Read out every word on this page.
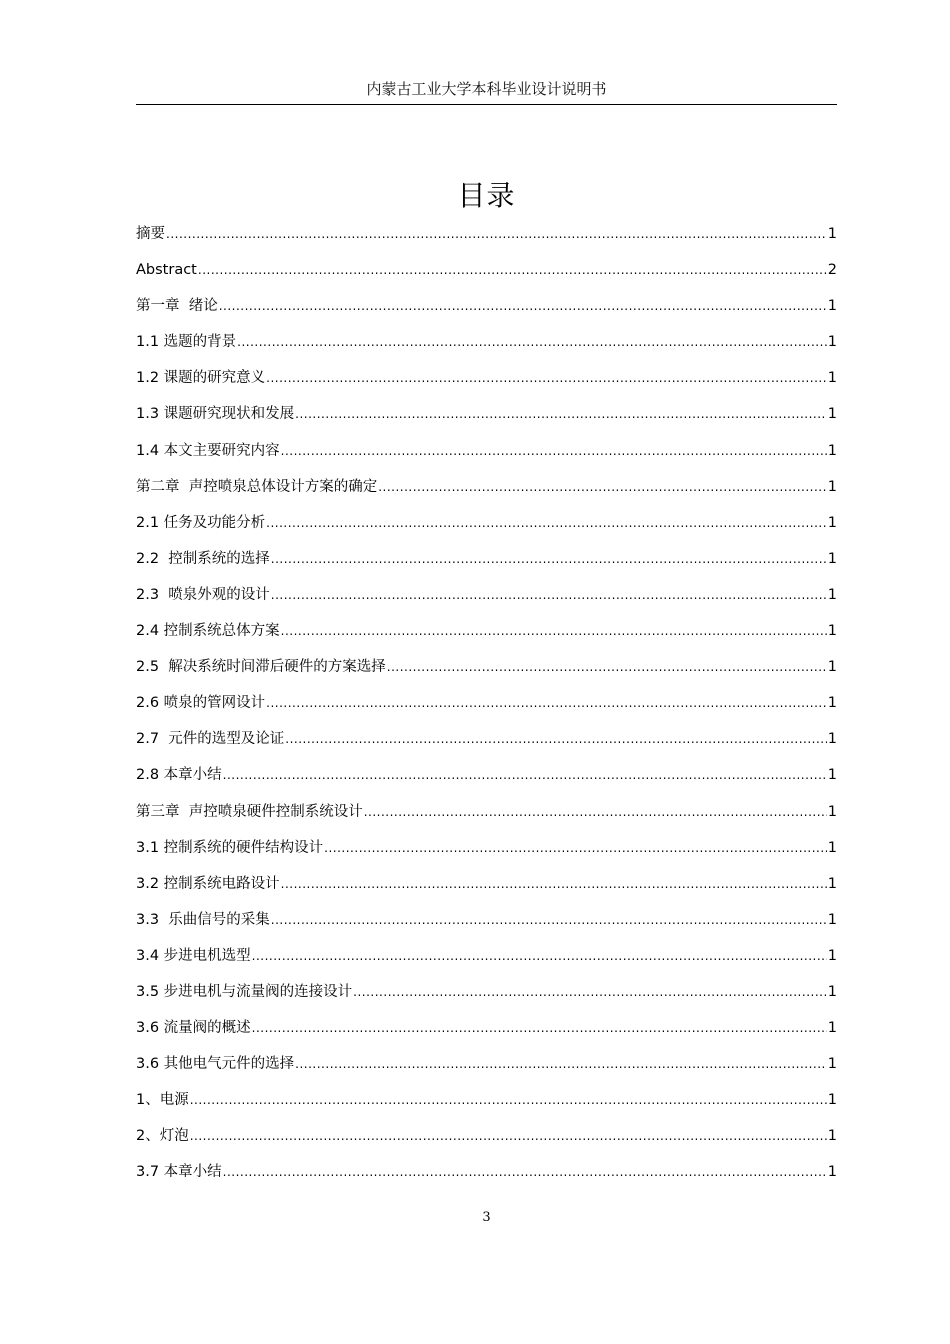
内蒙古工业大学本科毕业设计说明书
目录
摘要 .....	1
Abstract .....	2
第一章  绪论 .....	1
1.1 选题的背景 .....	1
1.2 课题的研究意义 .....	1
1.3 课题研究现状和发展 .....	1
1.4 本文主要研究内容 .....	1
第二章  声控喷泉总体设计方案的确定 .....	1
2.1 任务及功能分析 .....	1
2.2  控制系统的选择 .....	1
2.3  喷泉外观的设计 .....	1
2.4 控制系统总体方案 .....	1
2.5  解决系统时间滞后硬件的方案选择 .....	1
2.6 喷泉的管网设计 .....	1
2.7  元件的选型及论证 .....	1
2.8 本章小结 .....	1
第三章  声控喷泉硬件控制系统设计 .....	1
3.1 控制系统的硬件结构设计 .....	1
3.2 控制系统电路设计 .....	1
3.3  乐曲信号的采集 .....	1
3.4 步进电机选型 .....	1
3.5 步进电机与流量阀的连接设计 .....	1
3.6 流量阀的概述 .....	1
3.6 其他电气元件的选择 .....	1
1、电源 .....	1
2、灯泡 .....	1
3.7 本章小结 .....	1
3
